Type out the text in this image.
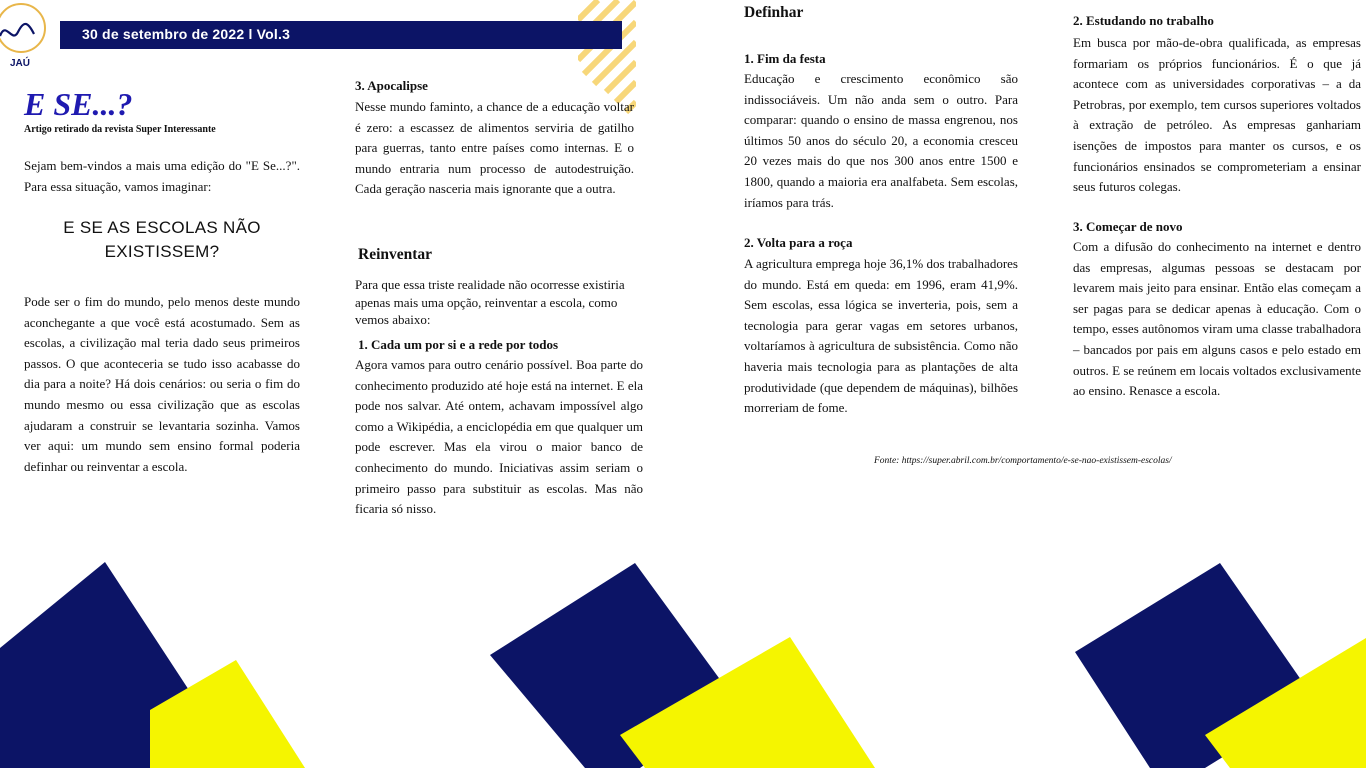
30 de setembro de 2022 l Vol.3
JAÚ
E SE...?
Artigo retirado da revista Super Interessante
Sejam bem-vindos a mais uma edição do "E Se...?". Para essa situação, vamos imaginar:
E SE AS ESCOLAS NÃO EXISTISSEM?
Pode ser o fim do mundo, pelo menos deste mundo aconchegante a que você está acostumado. Sem as escolas, a civilização mal teria dado seus primeiros passos. O que aconteceria se tudo isso acabasse do dia para a noite? Há dois cenários: ou seria o fim do mundo mesmo ou essa civilização que as escolas ajudaram a construir se levantaria sozinha. Vamos ver aqui: um mundo sem ensino formal poderia definhar ou reinventar a escola.
3. Apocalipse
Nesse mundo faminto, a chance de a educação voltar é zero: a escassez de alimentos serviria de gatilho para guerras, tanto entre países como internas. E o mundo entraria num processo de autodestruição. Cada geração nasceria mais ignorante que a outra.
Reinventar
Para que essa triste realidade não ocorresse existiria apenas mais uma opção, reinventar a escola, como vemos abaixo:
1. Cada um por si e a rede por todos
Agora vamos para outro cenário possível. Boa parte do conhecimento produzido até hoje está na internet. E ela pode nos salvar. Até ontem, achavam impossível algo como a Wikipédia, a enciclopédia em que qualquer um pode escrever. Mas ela virou o maior banco de conhecimento do mundo. Iniciativas assim seriam o primeiro passo para substituir as escolas. Mas não ficaria só nisso.
Definhar
1. Fim da festa
Educação e crescimento econômico são indissociáveis. Um não anda sem o outro. Para comparar: quando o ensino de massa engrenou, nos últimos 50 anos do século 20, a economia cresceu 20 vezes mais do que nos 300 anos entre 1500 e 1800, quando a maioria era analfabeta. Sem escolas, iríamos para trás.
2. Volta para a roça
A agricultura emprega hoje 36,1% dos trabalhadores do mundo. Está em queda: em 1996, eram 41,9%. Sem escolas, essa lógica se inverteria, pois, sem a tecnologia para gerar vagas em setores urbanos, voltaríamos à agricultura de subsistência. Como não haveria mais tecnologia para as plantações de alta produtividade (que dependem de máquinas), bilhões morreriam de fome.
Fonte: https://super.abril.com.br/comportamento/e-se-nao-existissem-escolas/
2. Estudando no trabalho
Em busca por mão-de-obra qualificada, as empresas formariam os próprios funcionários. É o que já acontece com as universidades corporativas – a da Petrobras, por exemplo, tem cursos superiores voltados à extração de petróleo. As empresas ganhariam isenções de impostos para manter os cursos, e os funcionários ensinados se comprometeriam a ensinar seus futuros colegas.
3. Começar de novo
Com a difusão do conhecimento na internet e dentro das empresas, algumas pessoas se destacam por levarem mais jeito para ensinar. Então elas começam a ser pagas para se dedicar apenas à educação. Com o tempo, esses autônomos viram uma classe trabalhadora – bancados por pais em alguns casos e pelo estado em outros. E se reúnem em locais voltados exclusivamente ao ensino. Renasce a escola.
